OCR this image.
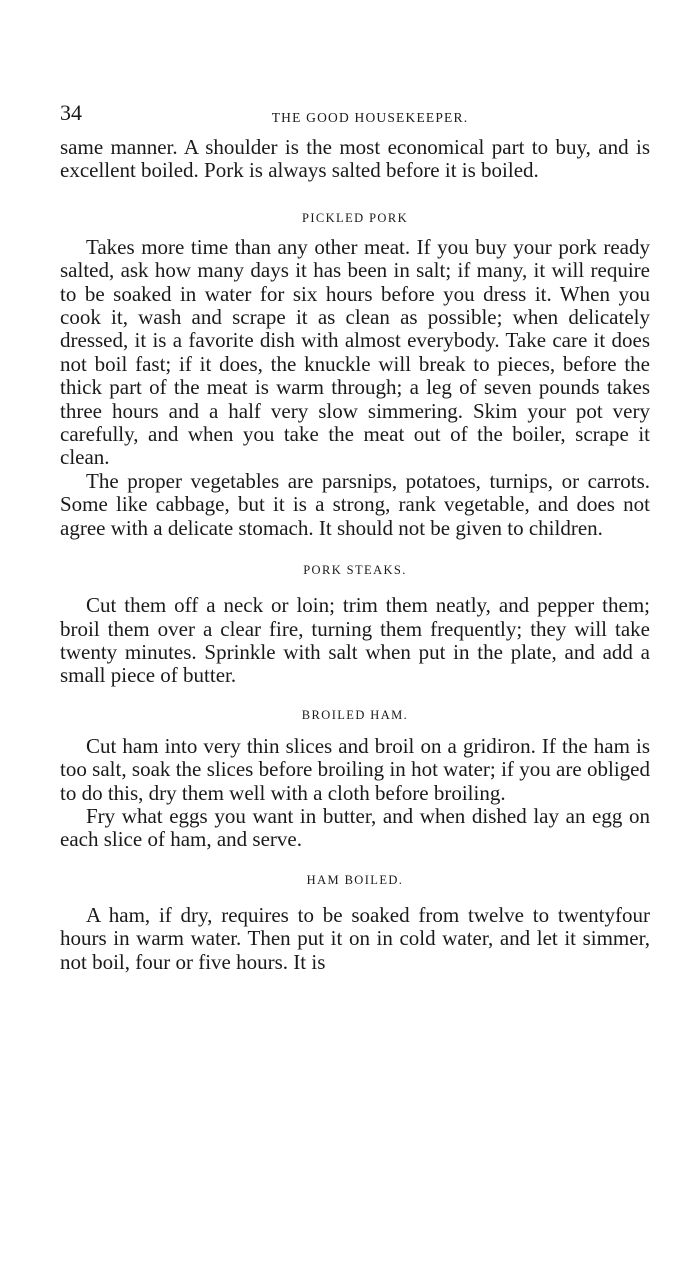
34	THE GOOD HOUSEKEEPER.

same manner. A shoulder is the most economical part to buy, and is excellent boiled. Pork is always salted before it is boiled.

PICKLED PORK

Takes more time than any other meat. If you buy your pork ready salted, ask how many days it has been in salt; if many, it will require to be soaked in water for six hours before you dress it. When you cook it, wash and scrape it as clean as possible; when delicately dressed, it is a favorite dish with almost everybody. Take care it does not boil fast; if it does, the knuckle will break to pieces, before the thick part of the meat is warm through; a leg of seven pounds takes three hours and a half very slow simmering. Skim your pot very carefully, and when you take the meat out of the boiler, scrape it clean.

The proper vegetables are parsnips, potatoes, turnips, or carrots. Some like cabbage, but it is a strong, rank vegetable, and does not agree with a delicate stomach. It should not be given to children.

PORK STEAKS.

Cut them off a neck or loin; trim them neatly, and pepper them; broil them over a clear fire, turning them frequently; they will take twenty minutes. Sprinkle with salt when put in the plate, and add a small piece of butter.

BROILED HAM.

Cut ham into very thin slices and broil on a gridiron. If the ham is too salt, soak the slices before broiling in hot water; if you are obliged to do this, dry them well with a cloth before broiling.

Fry what eggs you want in butter, and when dished lay an egg on each slice of ham, and serve.

HAM BOILED.

A ham, if dry, requires to be soaked from twelve to twentyfour hours in warm water. Then put it on in cold water, and let it simmer, not boil, four or five hours. It is
